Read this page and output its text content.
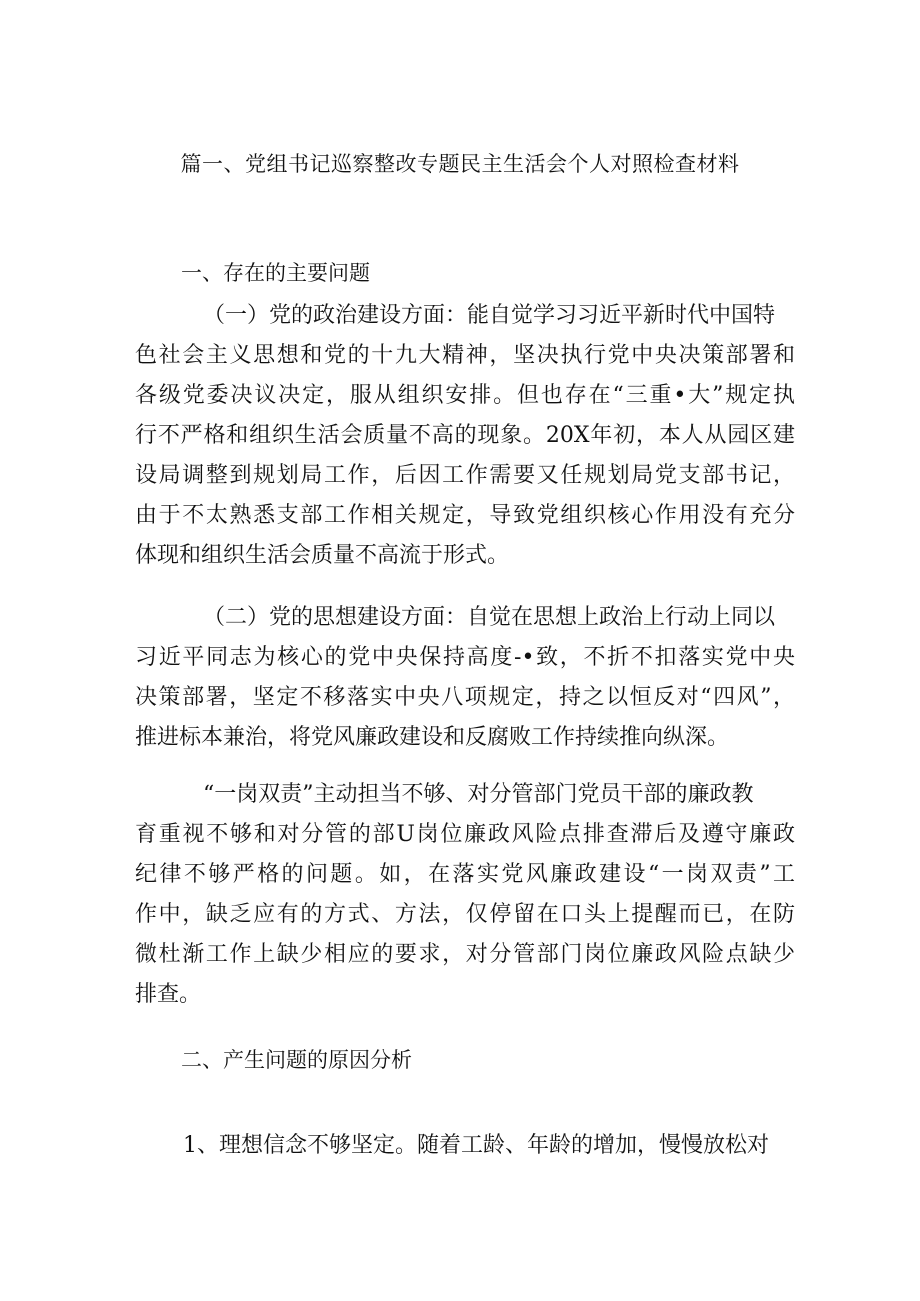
篇一、党组书记巡察整改专题民主生活会个人对照检查材料
一、存在的主要问题
（一）党的政治建设方面：能自觉学习习近平新时代中国特
色社会主义思想和党的十九大精神，坚决执行党中央决策部署和
各级党委决议决定，服从组织安排。但也存在“三重•大”规定执
行不严格和组织生活会质量不高的现象。20X年初，本人从园区建
设局调整到规划局工作，后因工作需要又任规划局党支部书记，
由于不太熟悉支部工作相关规定，导致党组织核心作用没有充分
体现和组织生活会质量不高流于形式。
（二）党的思想建设方面：自觉在思想上政治上行动上同以
习近平同志为核心的党中央保持高度-•致，不折不扣落实党中央
决策部署，坚定不移落实中央八项规定，持之以恒反对“四风”，
推进标本兼治，将党风廉政建设和反腐败工作持续推向纵深。
“一岗双责”主动担当不够、对分管部门党员干部的廉政教
育重视不够和对分管的部U岗位廉政风险点排查滞后及遵守廉政
纪律不够严格的问题。如，在落实党风廉政建设“一岗双责”工
作中，缺乏应有的方式、方法，仅停留在口头上提醒而已，在防
微杜渐工作上缺少相应的要求，对分管部门岗位廉政风险点缺少
排查。
二、产生问题的原因分析

1、理想信念不够坚定。随着工龄、年龄的增加，慢慢放松对
